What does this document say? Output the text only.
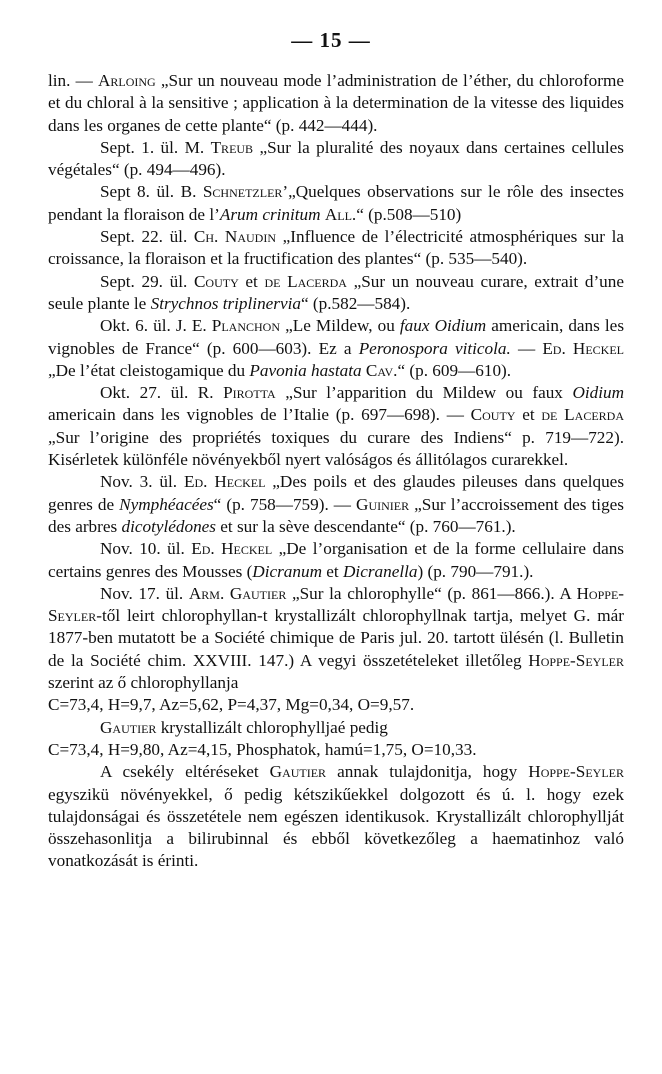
— 15 —

lin. — Arloing „Sur un nouveau mode l’administration de l’éther, du chloroforme et du chloral à la sensitive ; application à la determination de la vitesse des liquides dans les organes de cette plante“ (p. 442—444).

Sept. 1. ül. M. Treub „Sur la pluralité des noyaux dans certaines cellules végétales“ (p. 494—496).

Sept 8. ül. B. Schnetzler’„Quelques observations sur le rôle des insectes pendant la floraison de l’Arum crinitum All.“ (p.508—510)

Sept. 22. ül. Ch. Naudin „Influence de l’électricité atmosphériques sur la croissance, la floraison et la fructification des plantes“ (p. 535—540).

Sept. 29. ül. Couty et de Lacerda „Sur un nouveau curare, extrait d’une seule plante le Strychnos triplinervia“ (p.582—584).

Okt. 6. ül. J. E. Planchon „Le Mildew, ou faux Oidium americain, dans les vignobles de France“ (p. 600—603). Ez a Peronospora viticola. — Ed. Heckel „De l’état cleistogamique du Pavonia hastata Cav.“ (p. 609—610).

Okt. 27. ül. R. Pirotta „Sur l’apparition du Mildew ou faux Oidium americain dans les vignobles de l’Italie (p. 697—698). — Couty et de Lacerda „Sur l’origine des propriétés toxiques du curare des Indiens“ p. 719—722). Kisérletek különféle növényekből nyert valóságos és állitólagos curarekkel.

Nov. 3. ül. Ed. Heckel „Des poils et des glaudes pileuses dans quelques genres de Nymphéacées“ (p. 758—759). — Guinier „Sur l’accroissement des tiges des arbres dicotylédones et sur la sève descendante“ (p. 760—761.).

Nov. 10. ül. Ed. Heckel „De l’organisation et de la forme cellulaire dans certains genres des Mousses (Dicranum et Dicranella) (p. 790—791.).

Nov. 17. ül. Arm. Gautier „Sur la chlorophylle“ (p. 861—866.). A Hoppe-Seyler-től leirt chlorophyllan-t krystallizált chlorophyllnak tartja, melyet G. már 1877-ben mutatott be a Société chimique de Paris jul. 20. tartott ülésén (l. Bulletin de la Société chim. XXVIII. 147.) A vegyi összetételeket illetőleg Hoppe-Seyler szerint az ő chlorophyllanja

C=73,4, H=9,7, Az=5,62, P=4,37, Mg=0,34, O=9,57.

Gautier krystallizált chlorophylljaé pedig

C=73,4, H=9,80, Az=4,15, Phosphatok, hamú=1,75, O=10,33.

A csekély eltéréseket Gautier annak tulajdonitja, hogy Hoppe-Seyler egyszikü növényekkel, ő pedig kétszikűekkel dolgozott és ú. l. hogy ezek tulajdonságai és összetétele nem egészen identikusok. Krystallizált chlorophyllját összehasonlitja a bilirubinnal és ebből következőleg a haematinhoz való vonatkozását is érinti.
